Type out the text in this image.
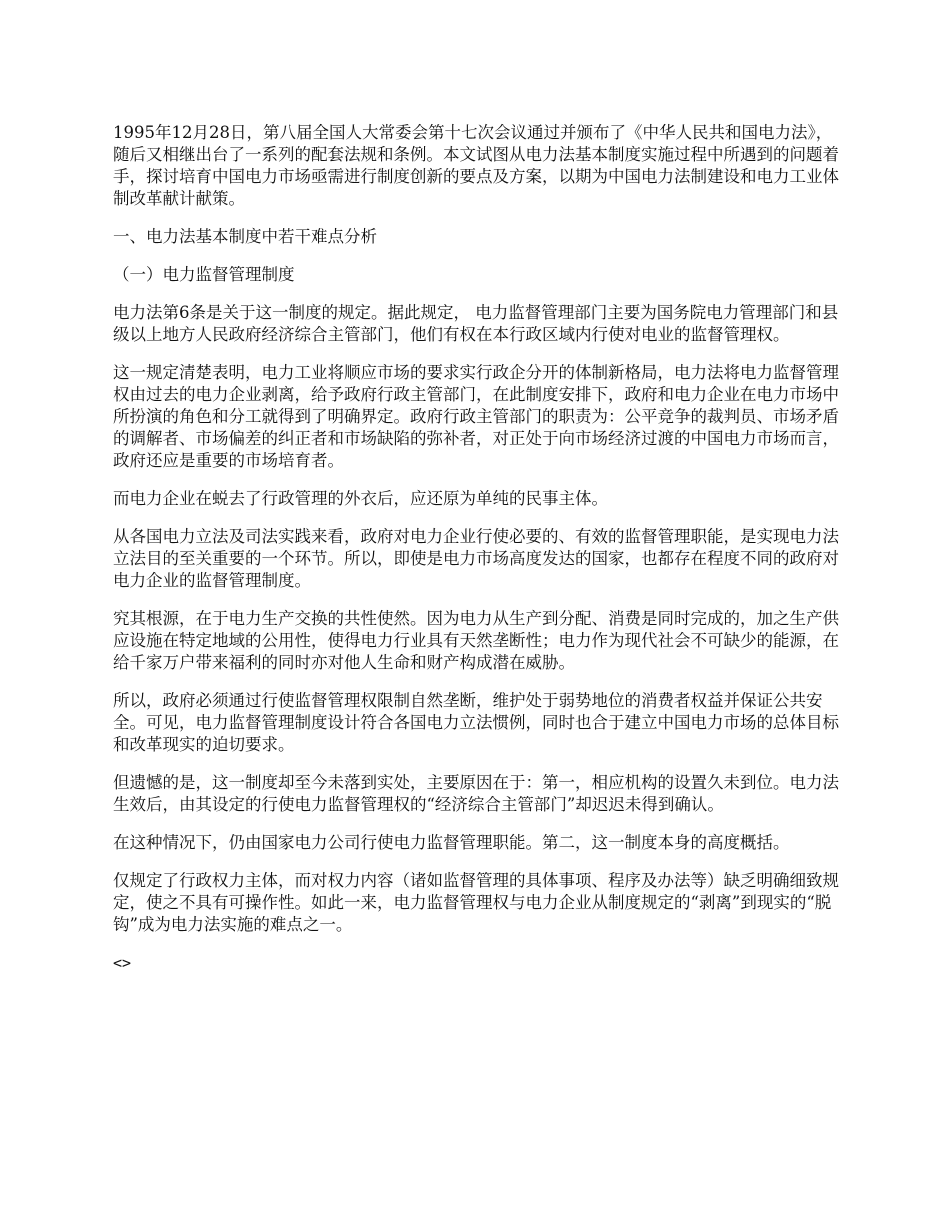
1995年12月28日，第八届全国人大常委会第十七次会议通过并颁布了《中华人民共和国电力法》，随后又相继出台了一系列的配套法规和条例。本文试图从电力法基本制度实施过程中所遇到的问题着手，探讨培育中国电力市场亟需进行制度创新的要点及方案，以期为中国电力法制建设和电力工业体制改革献计献策。

一、电力法基本制度中若干难点分析

（一）电力监督管理制度

电力法第6条是关于这一制度的规定。据此规定， 电力监督管理部门主要为国务院电力管理部门和县级以上地方人民政府经济综合主管部门，他们有权在本行政区域内行使对电业的监督管理权。

这一规定清楚表明，电力工业将顺应市场的要求实行政企分开的体制新格局，电力法将电力监督管理权由过去的电力企业剥离，给予政府行政主管部门，在此制度安排下，政府和电力企业在电力市场中所扮演的角色和分工就得到了明确界定。政府行政主管部门的职责为：公平竞争的裁判员、市场矛盾的调解者、市场偏差的纠正者和市场缺陷的弥补者，对正处于向市场经济过渡的中国电力市场而言，政府还应是重要的市场培育者。

而电力企业在蜕去了行政管理的外衣后，应还原为单纯的民事主体。

从各国电力立法及司法实践来看，政府对电力企业行使必要的、有效的监督管理职能，是实现电力法立法目的至关重要的一个环节。所以，即使是电力市场高度发达的国家，也都存在程度不同的政府对电力企业的监督管理制度。

究其根源，在于电力生产交换的共性使然。因为电力从生产到分配、消费是同时完成的，加之生产供应设施在特定地域的公用性，使得电力行业具有天然垄断性；电力作为现代社会不可缺少的能源，在给千家万户带来福利的同时亦对他人生命和财产构成潜在威胁。

所以，政府必须通过行使监督管理权限制自然垄断，维护处于弱势地位的消费者权益并保证公共安全。可见，电力监督管理制度设计符合各国电力立法惯例，同时也合于建立中国电力市场的总体目标和改革现实的迫切要求。

但遗憾的是，这一制度却至今未落到实处，主要原因在于：第一，相应机构的设置久未到位。电力法生效后，由其设定的行使电力监督管理权的“经济综合主管部门”却迟迟未得到确认。

在这种情况下，仍由国家电力公司行使电力监督管理职能。第二，这一制度本身的高度概括。

仅规定了行政权力主体，而对权力内容（诸如监督管理的具体事项、程序及办法等）缺乏明确细致规定，使之不具有可操作性。如此一来，电力监督管理权与电力企业从制度规定的“剥离”到现实的“脱钩”成为电力法实施的难点之一。

<>
